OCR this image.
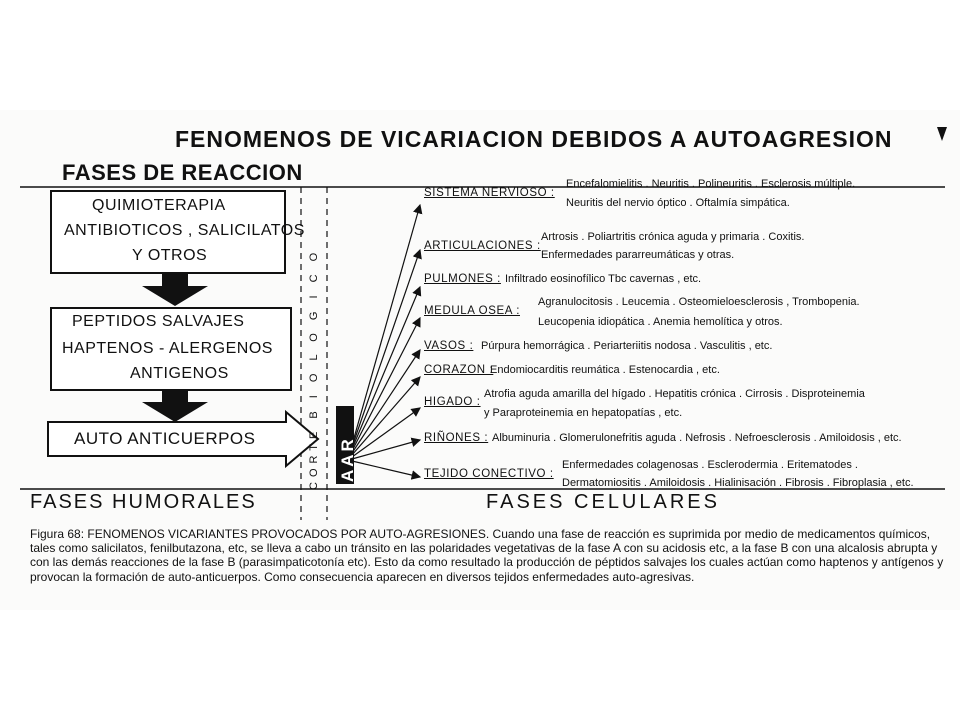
FENOMENOS DE VICARIACION DEBIDOS A AUTOAGRESION
FASES DE REACCION
QUIMIOTERAPIA
ANTIBIOTICOS , SALICILATOS
Y OTROS
PEPTIDOS SALVAJES
HAPTENOS - ALERGENOS
ANTIGENOS
AUTO ANTICUERPOS	CORTE B I O L O G I C O AAR
SISTEMA NERVIOSO :
Encefalomielitis . Neuritis . Polineuritis . Esclerosis múltiple.
Neuritis del nervio óptico . Oftalmía simpática.
ARTICULACIONES :
Artrosis . Poliartritis crónica aguda y primaria . Coxitis.
Enfermedades pararreumáticas y otras.
PULMONES : Infiltrado eosinofílico Tbc cavernas , etc.
MEDULA OSEA :
Agranulocitosis . Leucemia . Osteomieloesclerosis , Trombopenia.
Leucopenia idiopática . Anemia hemolítica y otros.
VASOS : Púrpura hemorrágica . Periarteriitis nodosa . Vasculitis , etc.
CORAZON :
Endomiocarditis reumática . Estenocardia , etc.
HIGADO :
Atrofia aguda amarilla del hígado . Hepatitis crónica . Cirrosis . Disproteinemia
y Paraproteinemia en hepatopatías , etc.
RIÑONES : Albuminuria . Glomerulonefritis aguda . Nefrosis . Nefroesclerosis . Amiloidosis , etc.
TEJIDO CONECTIVO :
Enfermedades colagenosas . Esclerodermia . Eritematodes .
Dermatomiositis . Amiloidosis . Hialinisación . Fibrosis . Fibroplasia , etc.
FASES HUMORALES	FASES CELULARES
Figura 68: FENOMENOS VICARIANTES PROVOCADOS POR AUTO-AGRESIONES. Cuando una fase de reacción es suprimida por medio de medicamentos químicos, tales como salicilatos, fenilbutazona, etc, se lleva a cabo un tránsito en las polaridades vegetativas de la fase A con su acidosis etc, a la fase B con una alcalosis abrupta y con las demás reacciones de la fase B (parasimpaticotonía etc). Esto da como resultado la producción de péptidos salvajes los cuales actúan como haptenos y antígenos y provocan la formación de auto-anticuerpos. Como consecuencia aparecen en diversos tejidos enfermedades auto-agresivas.
